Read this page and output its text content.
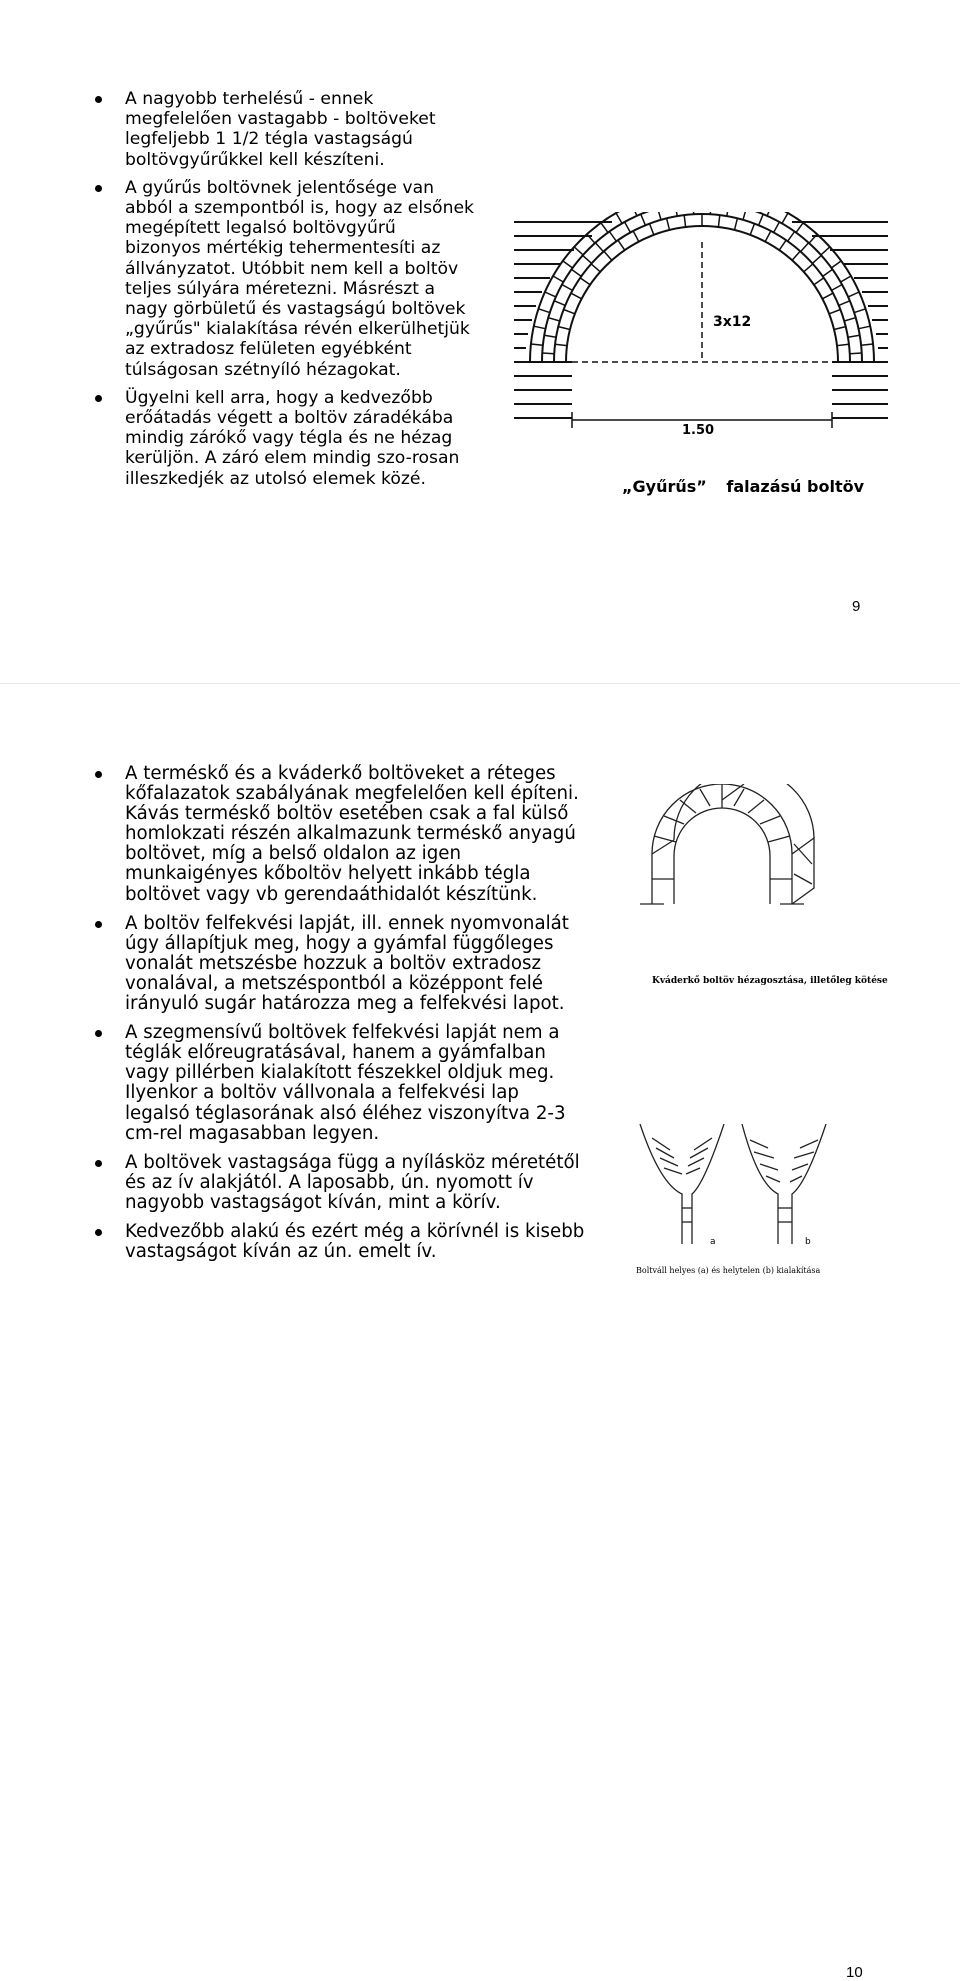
A nagyobb terhelésű - ennek megfelelően vastagabb - boltöveket legfeljebb 1 1/2 tégla vastagságú boltövgyűrűkkel kell készíteni.
A gyűrűs boltövnek jelentősége van abból a szempontból is, hogy az elsőnek megépített legalsó boltövgyűrű bizonyos mértékig tehermentesíti az állványzatot. Utóbbit nem kell a boltöv teljes súlyára méretezni. Másrészt a nagy görbületű és vastagságú boltövek „gyűrűs" kialakítása révén elkerülhetjük az extradosz felületen egyébként túlságosan szétnyíló hézagokat.
Ügyelni kell arra, hogy a kedvezőbb erőátadás végett a boltöv záradékába mindig zárókő vagy tégla és ne hézag kerüljön. A záró elem mindig szo-rosan illeszkedjék az utolsó elemek közé.
3x12
1.50
„Gyűrűs” falazású boltöv
9
A terméskő és a kváderkő boltöveket a réteges kőfalazatok szabályának megfelelően kell építeni. Kávás terméskő boltöv esetében csak a fal külső homlokzati részén alkalmazunk terméskő anyagú boltövet, míg a belső oldalon az igen munkaigényes kőboltöv helyett inkább tégla boltövet vagy vb gerendaáthidalót készítünk.
A boltöv felfekvési lapját, ill. ennek nyomvonalát úgy állapítjuk meg, hogy a gyámfal függőleges vonalát metszésbe hozzuk a boltöv extradosz vonalával, a metszéspontból a középpont felé irányuló sugár határozza meg a felfekvési lapot.
A szegmensívű boltövek felfekvési lapját nem a téglák előreugratásával, hanem a gyámfalban vagy pillérben kialakított fészekkel oldjuk meg. Ilyenkor a boltöv vállvonala a felfekvési lap legalsó téglasorának alsó éléhez viszonyítva 2-3 cm-rel magasabban legyen.
A boltövek vastagsága függ a nyílásköz méretétől és az ív alakjától. A laposabb, ún. nyomott ív nagyobb vastagságot kíván, mint a körív.
Kedvezőbb alakú és ezért még a körívnél is kisebb vastagságot kíván az ún. emelt ív.
Kváderkő boltöv hézagosztása, illetőleg kötése
a	b
Boltváll helyes (a) és helytelen (b) kialakítása
10
